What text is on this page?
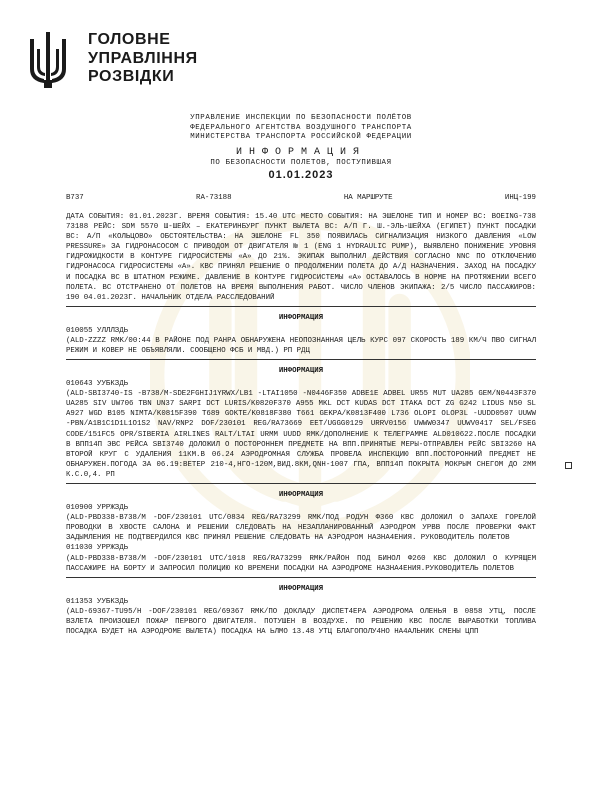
ГОЛОВНЕ
УПРАВЛІННЯ
РОЗВІДКИ
УПРАВЛЕНИЕ ИНСПЕКЦИИ ПО БЕЗОПАСНОСТИ ПОЛЁТОВ
ФЕДЕРАЛЬНОГО АГЕНТСТВА ВОЗДУШНОГО ТРАНСПОРТА
МИНИСТЕРСТВА ТРАНСПОРТА РОССИЙСКОЙ ФЕДЕРАЦИИ
ИНФОРМАЦИЯ
ПО БЕЗОПАСНОСТИ ПОЛЕТОВ, ПОСТУПИВШАЯ
01.01.2023
B737	RA-73188	НА МАРШРУТЕ	ИНЦ-199
ДАТА СОБЫТИЯ: 01.01.2023Г. ВРЕМЯ СОБЫТИЯ: 15.40 UTC МЕСТО СОБЫТИЯ: НА ЭШЕЛОНЕ ТИП И НОМЕР ВС: BOEING-738 73188 РЕЙС: SDM 5570 Ш-ШЕЙХ – ЕКАТЕРИНБУРГ ПУНКТ ВЫЛЕТА ВС: А/П Г. Ш.-ЭЛЬ-ШЕЙХА (ЕГИПЕТ) ПУНКТ ПОСАДКИ ВС: А/П «КОЛЬЦОВО» ОБСТОЯТЕЛЬСТВА: НА ЭШЕЛОНЕ FL 350 ПОЯВИЛАСЬ СИГНАЛИЗАЦИЯ НИЗКОГО ДАВЛЕНИЯ «LOW PRESSURE» ЗА ГИДРОНАСОСОМ С ПРИВОДОМ ОТ ДВИГАТЕЛЯ № 1 (ENG 1 HYDRAULIC PUMP), ВЫЯВЛЕНО ПОНИЖЕНИЕ УРОВНЯ ГИДРОЖИДКОСТИ В КОНТУРЕ ГИДРОСИСТЕМЫ «А» ДО 21%. ЭКИПАЖ ВЫПОЛНИЛ ДЕЙСТВИЯ СОГЛАСНО NNC ПО ОТКЛЮЧЕНИЮ ГИДРОНАСОСА ГИДРОСИСТЕМЫ «А». КВС ПРИНЯЛ РЕШЕНИЕ О ПРОДОЛЖЕНИИ ПОЛЕТА ДО А/Д НАЗНАЧЕНИЯ. ЗАХОД НА ПОСАДКУ И ПОСАДКА ВС В ШТАТНОМ РЕЖИМЕ. ДАВЛЕНИЕ В КОНТУРЕ ГИДРОСИСТЕМЫ «А» ОСТАВАЛОСЬ В НОРМЕ НА ПРОТЯЖЕНИИ ВСЕГО ПОЛЕТА. ВС ОТСТРАНЕНО ОТ ПОЛЕТОВ НА ВРЕМЯ ВЫПОЛНЕНИЯ РАБОТ. ЧИСЛО ЧЛЕНОВ ЭКИПАЖА: 2/5 ЧИСЛО ПАССАЖИРОВ: 190 04.01.2023Г. НАЧАЛЬНИК ОТДЕЛА РАССЛЕДОВАНИЙ
ИНФОРМАЦИЯ
010055 УЛЛЛЗДЬ
(ALD-ZZZZ RMK/00:44 В РАЙОНЕ ПОД РАНРА ОБНАРУЖЕНА НЕОПОЗНАННАЯ ЦЕЛЬ КУРС 097 СКОРОСТЬ 189 КМ/Ч ПВО СИГНАЛ РЕЖИМ И КОВЕР НЕ ОБЪЯВЛЯЛИ. СООБЩЕНО ФСБ И МВД.) РП РДЦ
ИНФОРМАЦИЯ
010643 УУБКЗДЬ
(ALD-SBI3740-IS -B738/M-SDE2FGHIJ1YRWX/LB1 -LTAI1050 -N0446F350 ADBE1E ADBEL UR55 MUT UA285 GEM/N0443F370 UA285 SIV UW706 TBN UN37 SARPI DCT LURIS/K0820F370 A955 MKL DCT KUDAS DCT ITAKA DCT ZG G242 LIDUS N50 SL A927 WGD B105 NIMTA/K0815F390 T689 GOKTE/K0818F380 T661 GEKPA/K0813F400 L736 OLOPI OLOP3L -UUDD0507 UUWW -PBN/A1B1C1D1L1O1S2 NAV/RNP2 DOF/230101 REG/RA73669 EET/UGGG0129 URRV0156 UWWW0347 UUWV0417 SEL/FSEG CODE/151FC5 OPR/SIBERIA AIRLINES RALT/LTAI URMM UUDD RMK/ДОПОЛНЕНИЕ К ТЕЛЕГРАММЕ ALD010622.ПОСЛЕ ПОСАДКИ В ВПП14П ЭВС РЕЙСА SBI3740 ДОЛОЖИЛ О ПОСТОРОННЕМ ПРЕДМЕТЕ НА ВПП.ПРИНЯТЫЕ МЕРЫ-ОТПРАВЛЕН РЕЙС SBI3260 НА ВТОРОЙ КРУГ С УДАЛЕНИЯ 11КМ.В 06.24 АЭРОДРОМНАЯ СЛУЖБА ПРОВЕЛА ИНСПЕКЦИЮ ВПП.ПОСТОРОННИЙ ПРЕДМЕТ НЕ ОБНАРУЖЕН.ПОГОДА ЗА 06.19:ВЕТЕР 210-4,НГО-120М,ВИД.8КМ,QNH-1007 ГПА, ВПП14П ПОКРЫТА МОКРЫМ СНЕГОМ ДО 2ММ К.С.0,4. РП
ИНФОРМАЦИЯ
010900 УРРЖЗДЬ
(ALD-PBD338-B738/M -DOF/230101 UTC/0834 REG/RA73299 RMK/ПОД РОДУН Ф360 КВС ДОЛОЖИЛ О ЗАПАХЕ ГОРЕЛОЙ ПРОВОДКИ В ХВОСТЕ САЛОНА И РЕШЕНИИ СЛЕДОВАТЬ НА НЕЗАПЛАНИРОВАННЫЙ АЭРОДРОМ УРВВ ПОСЛЕ ПРОВЕРКИ ФАКТ ЗАДЫМЛЕНИЯ НЕ ПОДТВЕРДИЛСЯ КВС ПРИНЯЛ РЕШЕНИЕ СЛЕДОВАТЬ НА АЭРОДРОМ НАЗНА4ЕНИЯ. РУКОВОДИТЕЛЬ ПОЛЕТОВ
011030 УРРЖЗДЬ
(ALD-PBD338-B738/M -DOF/230101 UTC/1018 REG/RA73299 RMK/РАЙОН ПОД БИНОЛ Ф260 КВС ДОЛОЖИЛ О КУРЯЩЕМ ПАССАЖИРЕ НА БОРТУ И ЗАПРОСИЛ ПОЛИЦИЮ КО ВРЕМЕНИ ПОСАДКИ НА АЭРОДРОМЕ НАЗНА4ЕНИЯ.РУКОВОДИТЕЛЬ ПОЛЕТОВ
ИНФОРМАЦИЯ
011353 УУБКЗДЬ
(ALD-69367-TU95/H -DOF/230101 REG/69367 RMK/ПО ДОКЛАДУ ДИСПЕТ4ЕРА АЭРОДРОМА ОЛЕНЬЯ В 0858 УТЦ, ПОСЛЕ ВЗЛЕТА ПРОИЗОШЕЛ ПОЖАР ПЕРВОГО ДВИГАТЕЛЯ. ПОТУШЕН В ВОЗДУХЕ. ПО РЕШЕНИЮ КВС ПОСЛЕ ВЫРАБОТКИ ТОПЛИВА ПОСАДКА БУДЕТ НА АЭРОДРОМЕ ВЫЛЕТА) ПОСАДКА НА ЬЛМО 13.48 УТЦ БЛАГОПОЛУ4НО НА4АЛЬНИК СМЕНЫ ЦПП
